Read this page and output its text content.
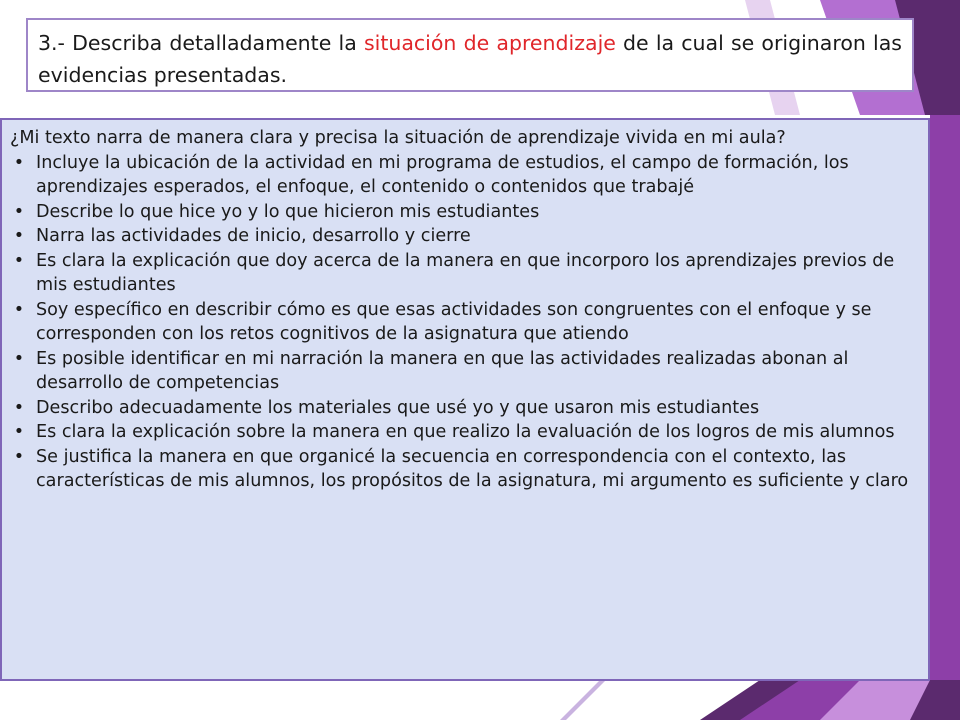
3.- Describa detalladamente la situación de aprendizaje de la cual se originaron las evidencias presentadas.

¿Mi texto narra de manera clara y precisa la situación de aprendizaje vivida en mi aula?

• Incluye la ubicación de la actividad en mi programa de estudios, el campo de formación, los aprendizajes esperados, el enfoque, el contenido o contenidos que trabajé
• Describe lo que hice yo y lo que hicieron mis estudiantes
• Narra las actividades de inicio, desarrollo y cierre
• Es clara la explicación que doy acerca de la manera en que incorporo los aprendizajes previos de mis estudiantes
• Soy específico en describir cómo es que esas actividades son congruentes con el enfoque y se corresponden con los retos cognitivos de la asignatura que atiendo
• Es posible identificar en mi narración la manera en que las actividades realizadas abonan al desarrollo de competencias
• Describo adecuadamente los materiales que usé yo y que usaron mis estudiantes
• Es clara la explicación sobre la manera en que realizo la evaluación de los logros de mis alumnos
• Se justifica la manera en que organicé la secuencia en correspondencia con el contexto, las características de mis alumnos, los propósitos de la asignatura, mi argumento es suficiente y claro
